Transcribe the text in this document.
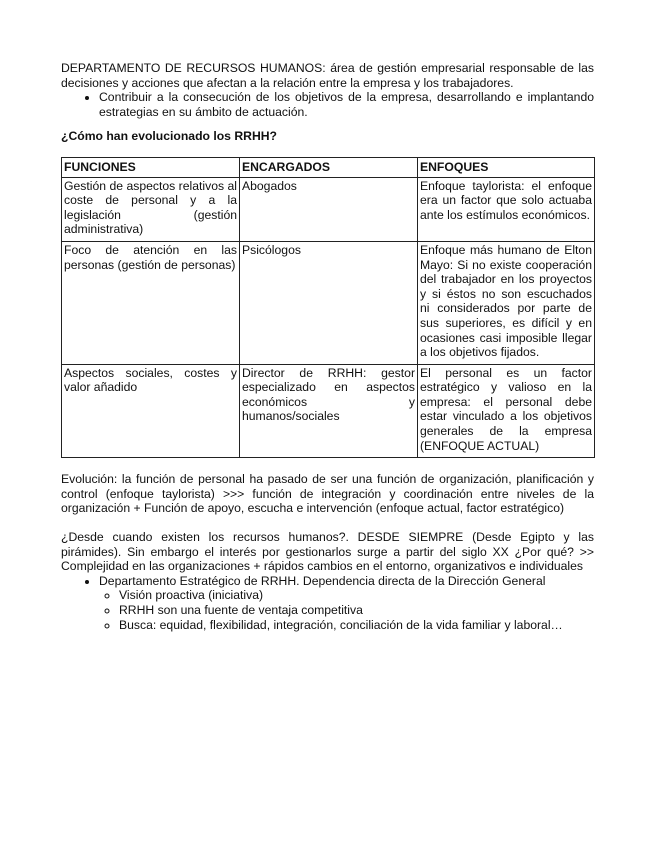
DEPARTAMENTO DE RECURSOS HUMANOS: área de gestión empresarial responsable de las decisiones y acciones que afectan a la relación entre la empresa y los trabajadores.

• Contribuir a la consecución de los objetivos de la empresa, desarrollando e implantando estrategias en su ámbito de actuación.

¿Cómo han evolucionado los RRHH?

FUNCIONES	ENCARGADOS	ENFOQUES
Gestión de aspectos relativos al coste de personal y a la legislación (gestión administrativa)	Abogados	Enfoque taylorista: el enfoque era un factor que solo actuaba ante los estímulos económicos.
Foco de atención en las personas (gestión de personas)	Psicólogos	Enfoque más humano de Elton Mayo: Si no existe cooperación del trabajador en los proyectos y si éstos no son escuchados ni considerados por parte de sus superiores, es difícil y en ocasiones casi imposible llegar a los objetivos fijados.
Aspectos sociales, costes y valor añadido	Director de RRHH: gestor especializado en aspectos económicos y humanos/sociales	El personal es un factor estratégico y valioso en la empresa: el personal debe estar vinculado a los objetivos generales de la empresa (ENFOQUE ACTUAL)

Evolución: la función de personal ha pasado de ser una función de organización, planificación y control (enfoque taylorista) >>> función de integración y coordinación entre niveles de la organización + Función de apoyo, escucha e intervención (enfoque actual, factor estratégico)

¿Desde cuando existen los recursos humanos?. DESDE SIEMPRE (Desde Egipto y las pirámides). Sin embargo el interés por gestionarlos surge a partir del siglo XX ¿Por qué? >> Complejidad en las organizaciones + rápidos cambios en el entorno, organizativos e individuales

• Departamento Estratégico de RRHH. Dependencia directa de la Dirección General
◦ Visión proactiva (iniciativa)
◦ RRHH son una fuente de ventaja competitiva
◦ Busca: equidad, flexibilidad, integración, conciliación de la vida familiar y laboral…
